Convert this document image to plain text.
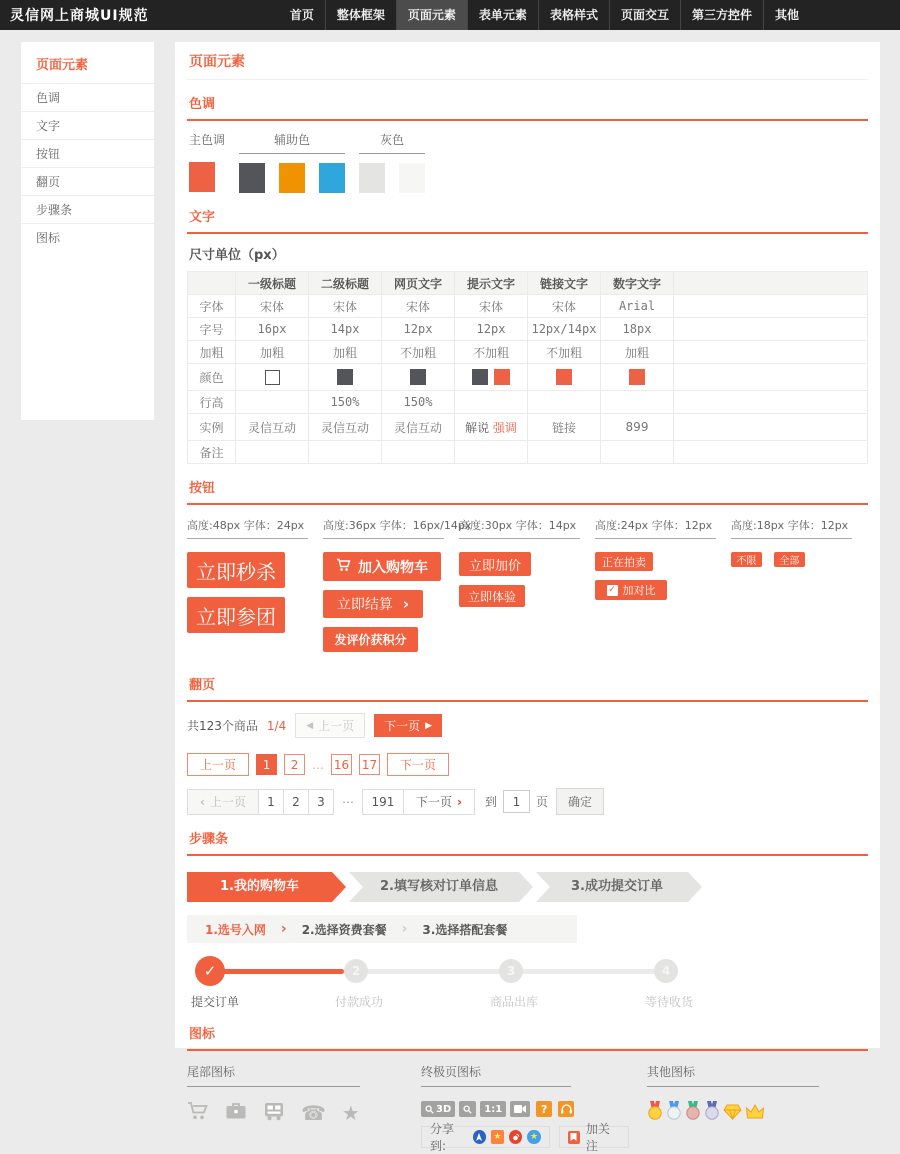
灵信网上商城UI规范	首页	整体框架	页面元素	表单元素	表格样式	页面交互	第三方控件	其他
页面元素
色调
文字
按钮
翻页
步骤条
图标
页面元素
色调
主色调	辅助色	灰色
文字
尺寸单位（px）
	一级标题	二级标题	网页文字	提示文字	链接文字	数字文字	
字体	宋体	宋体	宋体	宋体	宋体	Arial	
字号	16px	14px	12px	12px	12px/14px	18px	
加粗	加粗	加粗	不加粗	不加粗	不加粗	加粗	
颜色							
行高		150%	150%				
实例	灵信互动	灵信互动	灵信互动	解说 强调	链接	899	
备注							
按钮
高度:48px 字体：24px
立即秒杀
立即参团
高度:36px 字体：16px/14px
加入购物车
立即结算 ›
发评价获积分
高度:30px 字体：14px
立即加价
立即体验
高度:24px 字体：12px
正在拍卖
✓ 加对比
高度:18px 字体：12px
不限 全部
翻页
共123个商品 1/4 ◀ 上一页	下一页 ▶
上一页	1	2	… 16 17	下一页
‹ 上一页	1	2	3	⋯	191	下一页 › 到
1	页	确定
步骤条
1.我的购物车	2.填写核对订单信息	3.成功提交订单
1.选号入网 › 2.选择资费套餐 › 3.选择搭配套餐
✓	2	3	4
提交订单	付款成功	商品出库	等待收货
图标
尾部图标
☎ ★
终极页图标
3D	1:1	?
分享到:
★	★
加关注
其他图标
